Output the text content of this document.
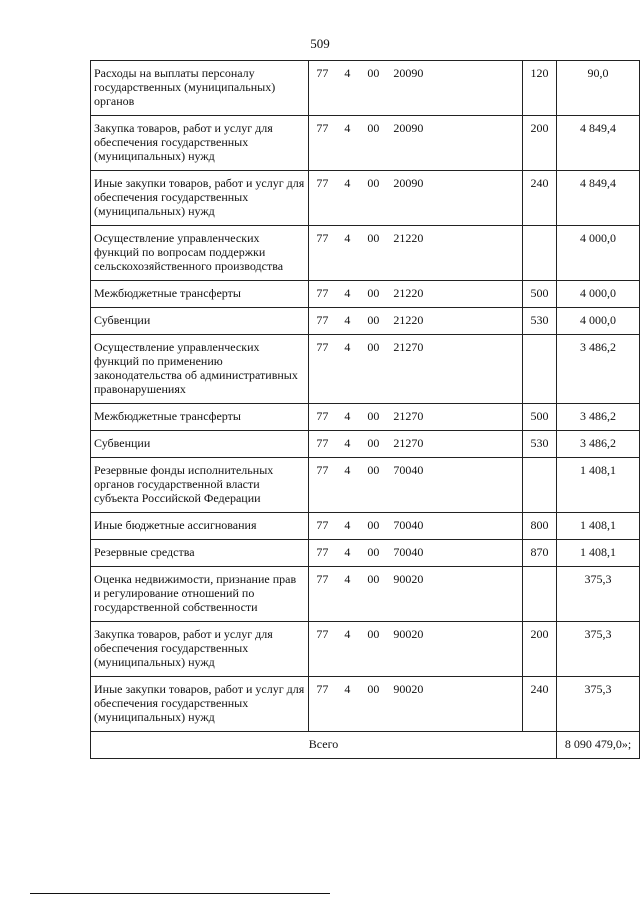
509
Расходы на выплаты персоналу государственных (муниципальных) органов	77 4 00 20090	120	90,0
Закупка товаров, работ и услуг для обеспечения государственных (муниципальных) нужд	77 4 00 20090	200	4 849,4
Иные закупки товаров, работ и услуг для обеспечения государственных (муниципальных) нужд	77 4 00 20090	240	4 849,4
Осуществление управленческих функций по вопросам поддержки сельскохозяйственного производства	77 4 00 21220		4 000,0
Межбюджетные трансферты	77 4 00 21220	500	4 000,0
Субвенции	77 4 00 21220	530	4 000,0
Осуществление управленческих функций по применению законодательства об административных правонарушениях	77 4 00 21270		3 486,2
Межбюджетные трансферты	77 4 00 21270	500	3 486,2
Субвенции	77 4 00 21270	530	3 486,2
Резервные фонды исполнительных органов государственной власти субъекта Российской Федерации	77 4 00 70040		1 408,1
Иные бюджетные ассигнования	77 4 00 70040	800	1 408,1
Резервные средства	77 4 00 70040	870	1 408,1
Оценка недвижимости, признание прав и регулирование отношений по государственной собственности	77 4 00 90020		375,3
Закупка товаров, работ и услуг для обеспечения государственных (муниципальных) нужд	77 4 00 90020	200	375,3
Иные закупки товаров, работ и услуг для обеспечения государственных (муниципальных) нужд	77 4 00 90020	240	375,3
Всего			8 090 479,0»;
